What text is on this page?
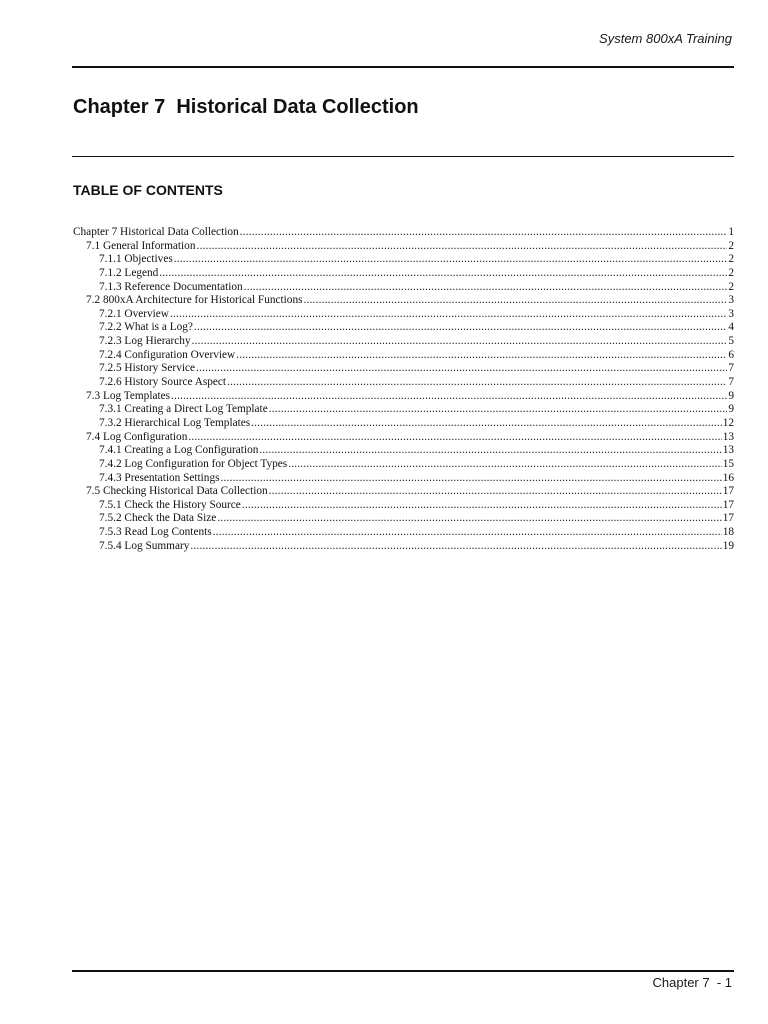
System 800xA Training
Chapter 7  Historical Data Collection
TABLE OF CONTENTS
Chapter 7 Historical Data Collection .....	1
7.1 General Information .....	2
7.1.1 Objectives .....	2
7.1.2 Legend .....	2
7.1.3 Reference Documentation .....	2
7.2 800xA Architecture for Historical Functions .....	3
7.2.1 Overview .....	3
7.2.2 What is a Log? .....	4
7.2.3 Log Hierarchy .....	5
7.2.4 Configuration Overview .....	6
7.2.5 History Service .....	7
7.2.6 History Source Aspect .....	7
7.3 Log Templates .....	9
7.3.1 Creating a Direct Log Template .....	9
7.3.2 Hierarchical Log Templates .....	12
7.4 Log Configuration .....	13
7.4.1 Creating a Log Configuration .....	13
7.4.2 Log Configuration for Object Types .....	15
7.4.3 Presentation Settings .....	16
7.5 Checking Historical Data Collection .....	17
7.5.1 Check the History Source .....	17
7.5.2 Check the Data Size .....	17
7.5.3 Read Log Contents .....	18
7.5.4 Log Summary .....	19
Chapter 7  - 1
